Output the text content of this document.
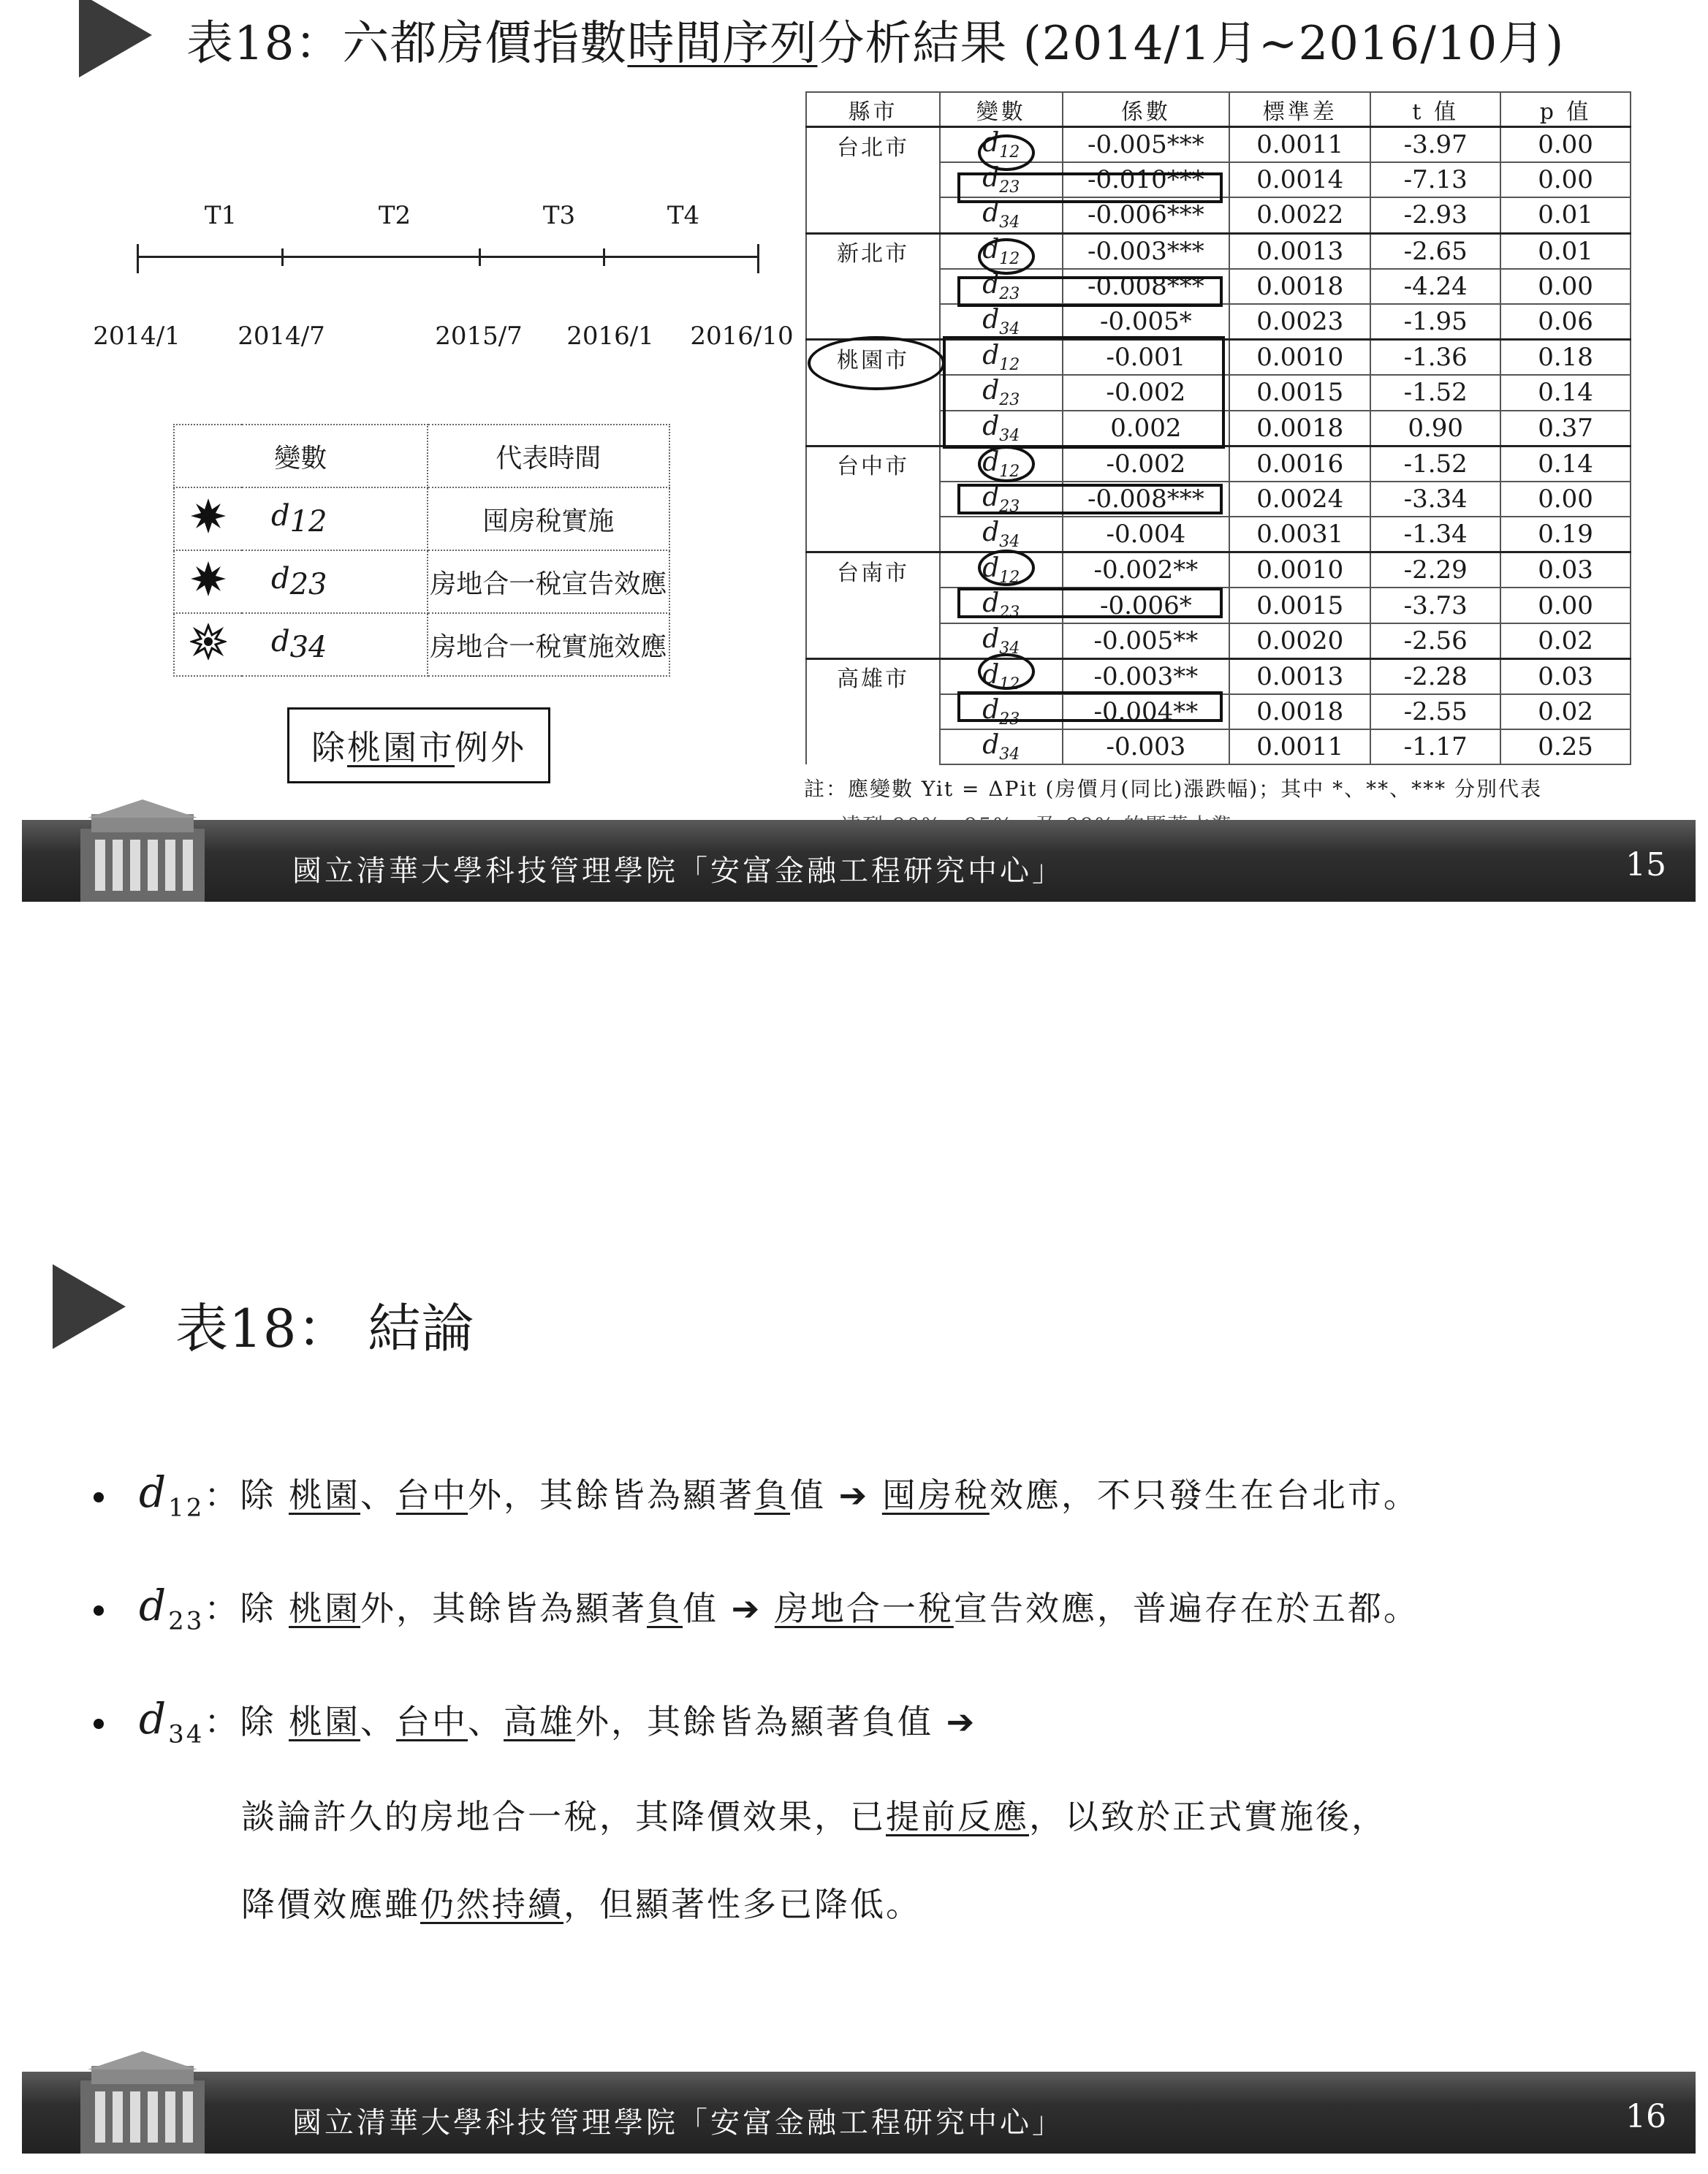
表18：六都房價指數時間序列分析結果 (2014/1月~2016/10月)
T1	T2	T3	T4
2014/1 2014/7	2015/7 2016/1 2016/10
變數		代表時間
	$d_{12}$	囤房稅實施
	$d_{23}$	房地合一稅宣告效應
	$d_{34}$	房地合一稅實施效應
除桃園市例外
縣市	變數	係數	標準差	t 值	p 值
台北市	$d_{12}$	-0.005***	0.0011	-3.97	0.00
	$d_{23}$	-0.010***	0.0014	-7.13	0.00
	$d_{34}$	-0.006***	0.0022	-2.93	0.01
新北市	$d_{12}$	-0.003***	0.0013	-2.65	0.01
	$d_{23}$	-0.008***	0.0018	-4.24	0.00
	$d_{34}$	-0.005*	0.0023	-1.95	0.06
桃園市	$d_{12}$	-0.001	0.0010	-1.36	0.18
	$d_{23}$	-0.002	0.0015	-1.52	0.14
	$d_{34}$	0.002	0.0018	0.90	0.37
台中市	$d_{12}$	-0.002	0.0016	-1.52	0.14
	$d_{23}$	-0.008***	0.0024	-3.34	0.00
	$d_{34}$	-0.004	0.0031	-1.34	0.19
台南市	$d_{12}$	-0.002**	0.0010	-2.29	0.03
	$d_{23}$	-0.006*	0.0015	-3.73	0.00
	$d_{34}$	-0.005**	0.0020	-2.56	0.02
高雄市	$d_{12}$	-0.003**	0.0013	-2.28	0.03
	$d_{23}$	-0.004**	0.0018	-2.55	0.02
	$d_{34}$	-0.003	0.0011	-1.17	0.25
註：應變數 Yit = ΔPit (房價月(同比)漲跌幅)；其中 *、**、*** 分別代表
國立清華大學科技管理學院「安富金融工程研究中心」	15
表18： 結論
$d_{12}$：除 桃園、台中外，其餘皆為顯著負值 ➔ 囤房稅效應，不只發生在台北市。
$d_{23}$：除 桃園外，其餘皆為顯著負值 ➔ 房地合一稅宣告效應，普遍存在於五都。
$d_{34}$：除 桃園、台中、高雄外，其餘皆為顯著負值 ➔
談論許久的房地合一稅，其降價效果，已提前反應，以致於正式實施後，
降價效應雖仍然持續，但顯著性多已降低。
國立清華大學科技管理學院「安富金融工程研究中心」	16
